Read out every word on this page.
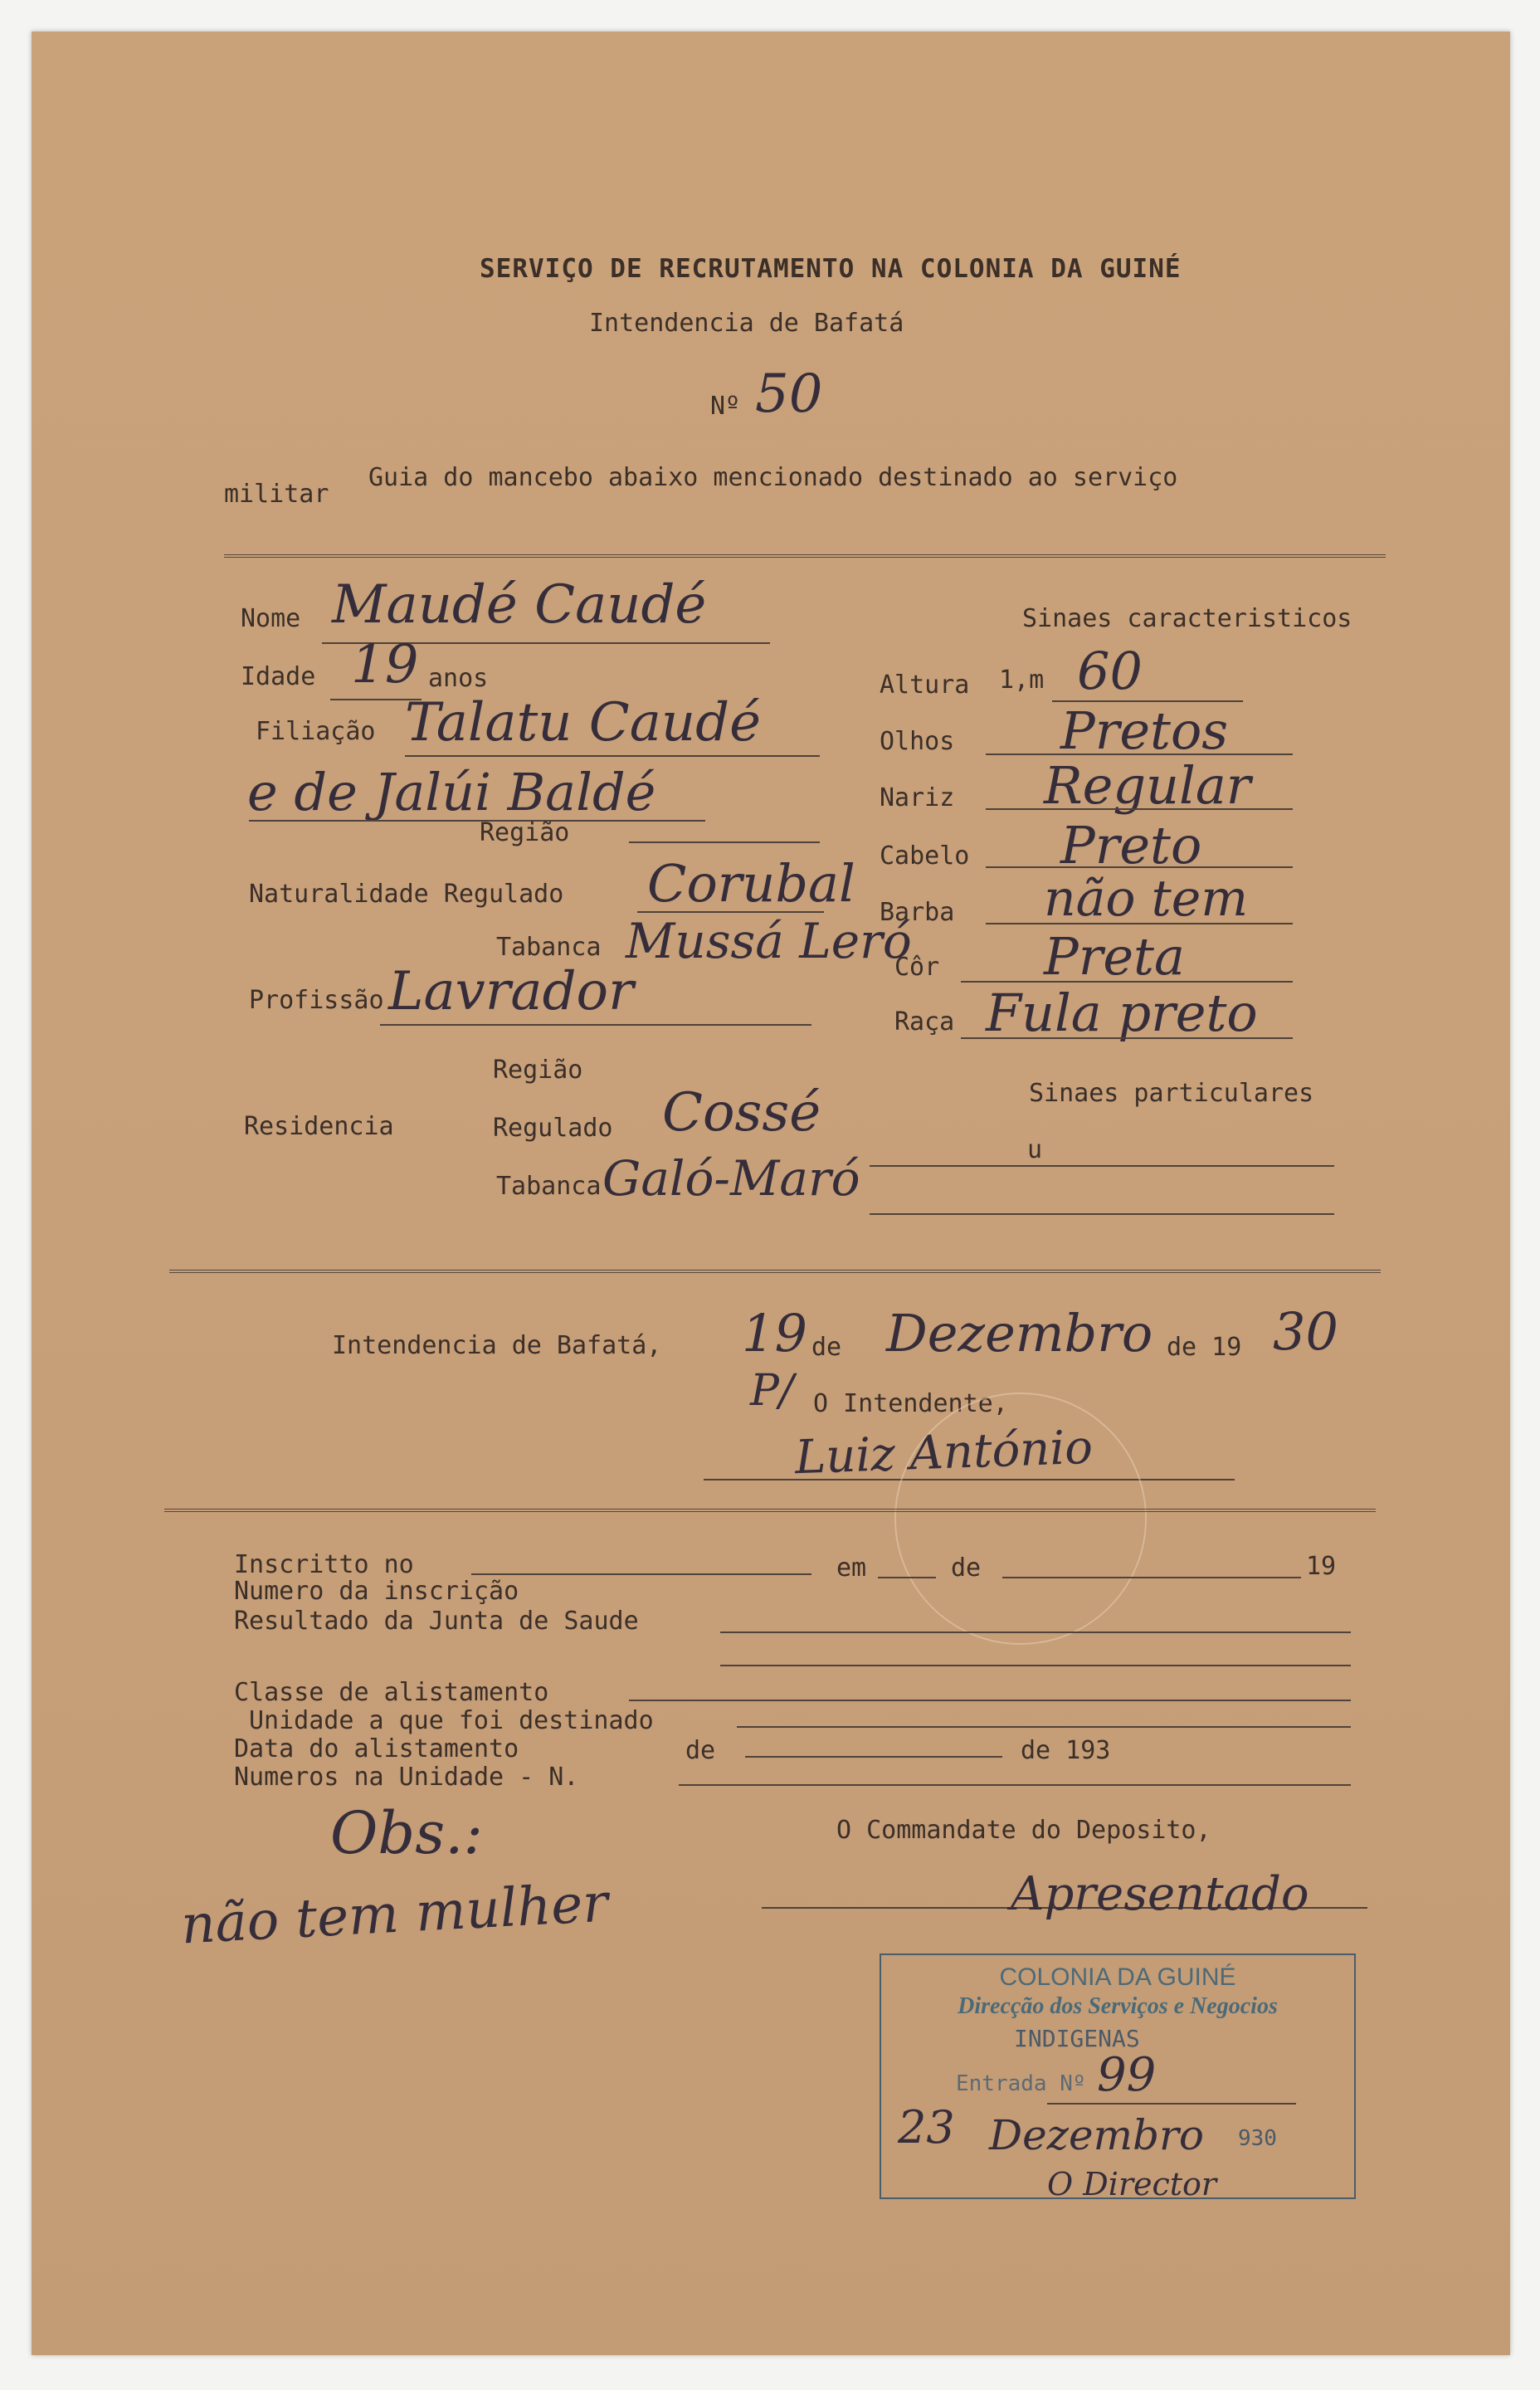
SERVIÇO DE RECRUTAMENTO NA COLONIA DA GUINÉ
Intendencia de Bafatá
Nº 50
Guia do mancebo abaixo mencionado destinado ao serviço
militar
Nome Maudé Caudé
Idade 19 anos
Filiação Talatu Caudé
e de Jalúi Baldé
Região
Naturalidade Regulado Corubal
Tabanca Mussá Leró
Profissão Lavrador
Região
Residencia	Regulado Cossé
Tabanca Galó-Maró
Sinaes caracteristicos
Altura 1,m 60
Olhos Pretos
Nariz Regular
Cabelo Preto
Barba não tem
Côr Preta
Raça Fula preto
Sinaes particulares
u
Intendencia de Bafatá, 19 de Dezembro de 19 30
P/ O Intendente,
Luiz António
Inscritto no	em	de	19
Numero da inscrição
Resultado da Junta de Saude
Classe de alistamento
Unidade a que foi destinado
Data do alistamento	de	de 193
Numeros na Unidade - N.
Obs.:	O Commandate do Deposito,
não tem mulher	Apresentado
COLONIA DA GUINÉ
Direcção dos Serviços e Negocios
INDIGENAS
Entrada Nº 99
23 Dezembro 930
O Director
